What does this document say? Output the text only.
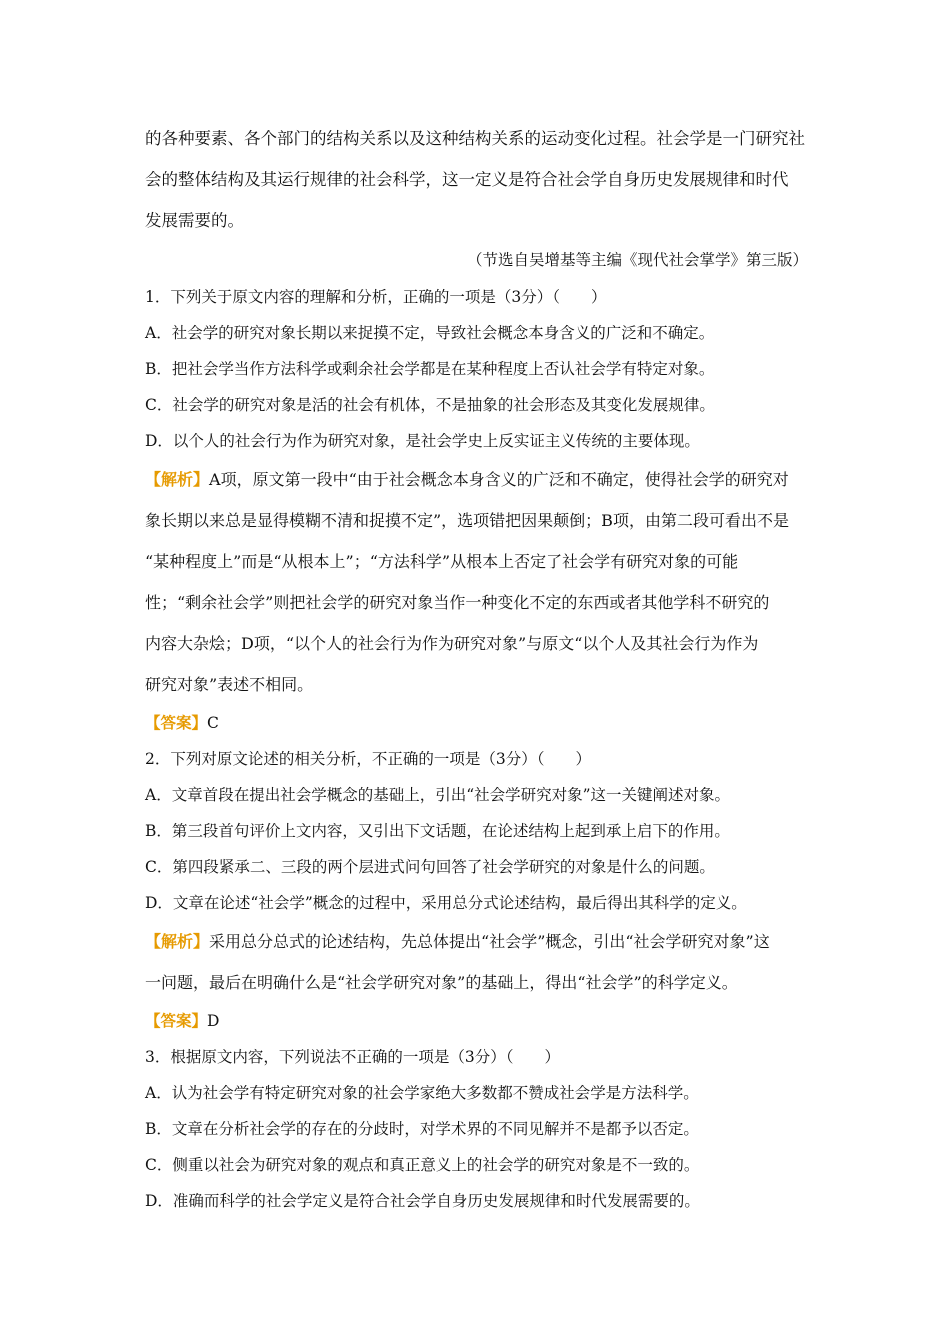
的各种要素、各个部门的结构关系以及这种结构关系的运动变化过程。社会学是一门研究社

会的整体结构及其运行规律的社会科学，这一定义是符合社会学自身历史发展规律和时代

发展需要的。

（节选自吴增基等主编《现代社会掌学》第三版）

1．下列关于原文内容的理解和分析，正确的一项是（3分）（　　）

A．社会学的研究对象长期以来捉摸不定，导致社会概念本身含义的广泛和不确定。

B．把社会学当作方法科学或剩余社会学都是在某种程度上否认社会学有特定对象。

C．社会学的研究对象是活的社会有机体，不是抽象的社会形态及其变化发展规律。

D．以个人的社会行为作为研究对象，是社会学史上反实证主义传统的主要体现。

【解析】A项，原文第一段中“由于社会概念本身含义的广泛和不确定，使得社会学的研究对

象长期以来总是显得模糊不清和捉摸不定”，选项错把因果颠倒；B项，由第二段可看出不是

“某种程度上”而是“从根本上”；“方法科学”从根本上否定了社会学有研究对象的可能

性；“剩余社会学”则把社会学的研究对象当作一种变化不定的东西或者其他学科不研究的

内容大杂烩；D项，“以个人的社会行为作为研究对象”与原文“以个人及其社会行为作为

研究对象”表述不相同。

【答案】C

2．下列对原文论述的相关分析，不正确的一项是（3分）（　　）

A．文章首段在提出社会学概念的基础上，引出“社会学研究对象”这一关键阐述对象。

B．第三段首句评价上文内容，又引出下文话题，在论述结构上起到承上启下的作用。

C．第四段紧承二、三段的两个层进式问句回答了社会学研究的对象是什么的问题。

D．文章在论述“社会学”概念的过程中，采用总分式论述结构，最后得出其科学的定义。

【解析】采用总分总式的论述结构，先总体提出“社会学”概念，引出“社会学研究对象”这

一问题，最后在明确什么是“社会学研究对象”的基础上，得出“社会学”的科学定义。

【答案】D

3．根据原文内容，下列说法不正确的一项是（3分）（　　）

A．认为社会学有特定研究对象的社会学家绝大多数都不赞成社会学是方法科学。

B．文章在分析社会学的存在的分歧时，对学术界的不同见解并不是都予以否定。

C．侧重以社会为研究对象的观点和真正意义上的社会学的研究对象是不一致的。

D．准确而科学的社会学定义是符合社会学自身历史发展规律和时代发展需要的。
